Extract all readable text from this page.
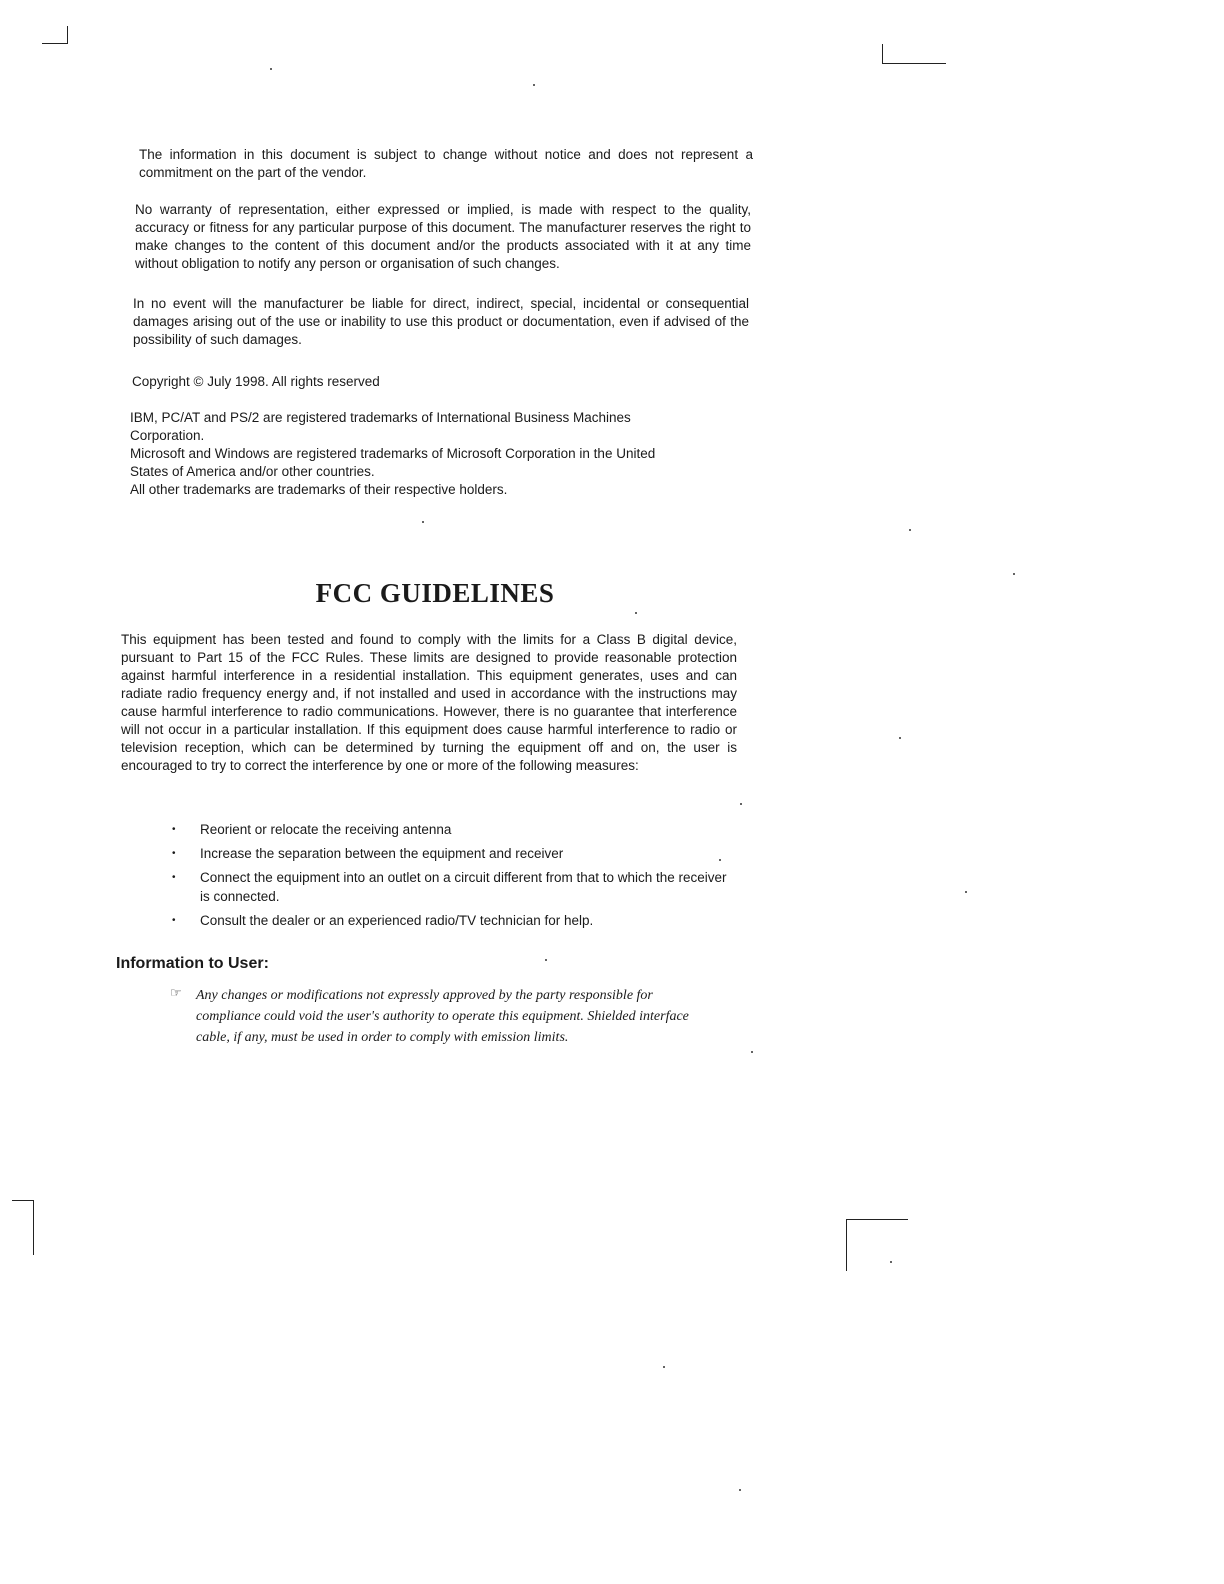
The information in this document is subject to change without notice and does not represent a commitment on the part of the vendor.

No warranty of representation, either expressed or implied, is made with respect to the quality, accuracy or fitness for any particular purpose of this document. The manufacturer reserves the right to make changes to the content of this document and/or the products associated with it at any time without obligation to notify any person or organisation of such changes.

In no event will the manufacturer be liable for direct, indirect, special, incidental or consequential damages arising out of the use or inability to use this product or documentation, even if advised of the possibility of such damages.

Copyright © July 1998. All rights reserved

IBM, PC/AT and PS/2 are registered trademarks of International Business Machines Corporation.

Microsoft and Windows are registered trademarks of Microsoft Corporation in the United States of America and/or other countries.

All other trademarks are trademarks of their respective holders.

FCC GUIDELINES

This equipment has been tested and found to comply with the limits for a Class B digital device, pursuant to Part 15 of the FCC Rules. These limits are designed to provide reasonable protection against harmful interference in a residential installation. This equipment generates, uses and can radiate radio frequency energy and, if not installed and used in accordance with the instructions may cause harmful interference to radio communications. However, there is no guarantee that interference will not occur in a particular installation. If this equipment does cause harmful interference to radio or television reception, which can be determined by turning the equipment off and on, the user is encouraged to try to correct the interference by one or more of the following measures:

• Reorient or relocate the receiving antenna
• Increase the separation between the equipment and receiver
• Connect the equipment into an outlet on a circuit different from that to which the receiver is connected.
• Consult the dealer or an experienced radio/TV technician for help.
Information to User:
☞ Any changes or modifications not expressly approved by the party responsible for compliance could void the user's authority to operate this equipment. Shielded interface cable, if any, must be used in order to comply with emission limits.
